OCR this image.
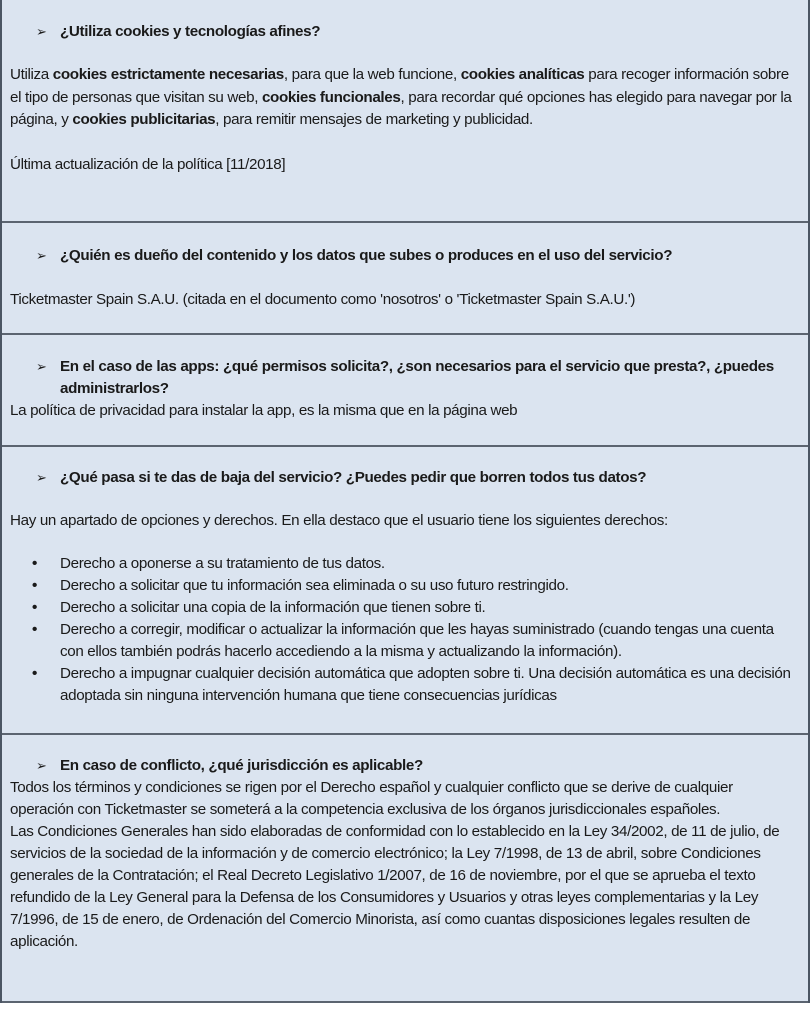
➢ ¿Utiliza cookies y tecnologías afines?

Utiliza cookies estrictamente necesarias, para que la web funcione, cookies analíticas para recoger información sobre el tipo de personas que visitan su web, cookies funcionales, para recordar qué opciones has elegido para navegar por la página, y cookies publicitarias, para remitir mensajes de marketing y publicidad.

Última actualización de la política [11/2018]

➢ ¿Quién es dueño del contenido y los datos que subes o produces en el uso del servicio?

Ticketmaster Spain S.A.U. (citada en el documento como 'nosotros' o 'Ticketmaster Spain S.A.U.')

➢ En el caso de las apps: ¿qué permisos solicita?, ¿son necesarios para el servicio que presta?, ¿puedes administrarlos?

La política de privacidad para instalar la app, es la misma que en la página web

➢ ¿Qué pasa si te das de baja del servicio? ¿Puedes pedir que borren todos tus datos?

Hay un apartado de opciones y derechos. En ella destaco que el usuario tiene los siguientes derechos:

• Derecho a oponerse a su tratamiento de tus datos.
• Derecho a solicitar que tu información sea eliminada o su uso futuro restringido.
• Derecho a solicitar una copia de la información que tienen sobre ti.
• Derecho a corregir, modificar o actualizar la información que les hayas suministrado (cuando tengas una cuenta con ellos también podrás hacerlo accediendo a la misma y actualizando la información).
• Derecho a impugnar cualquier decisión automática que adopten sobre ti. Una decisión automática es una decisión adoptada sin ninguna intervención humana que tiene consecuencias jurídicas
➢ En caso de conflicto, ¿qué jurisdicción es aplicable?

Todos los términos y condiciones se rigen por el Derecho español y cualquier conflicto que se derive de cualquier operación con Ticketmaster se someterá a la competencia exclusiva de los órganos jurisdiccionales españoles.

Las Condiciones Generales han sido elaboradas de conformidad con lo establecido en la Ley 34/2002, de 11 de julio, de servicios de la sociedad de la información y de comercio electrónico; la Ley 7/1998, de 13 de abril, sobre Condiciones generales de la Contratación; el Real Decreto Legislativo 1/2007, de 16 de noviembre, por el que se aprueba el texto refundido de la Ley General para la Defensa de los Consumidores y Usuarios y otras leyes complementarias y la Ley 7/1996, de 15 de enero, de Ordenación del Comercio Minorista, así como cuantas disposiciones legales resulten de aplicación.
